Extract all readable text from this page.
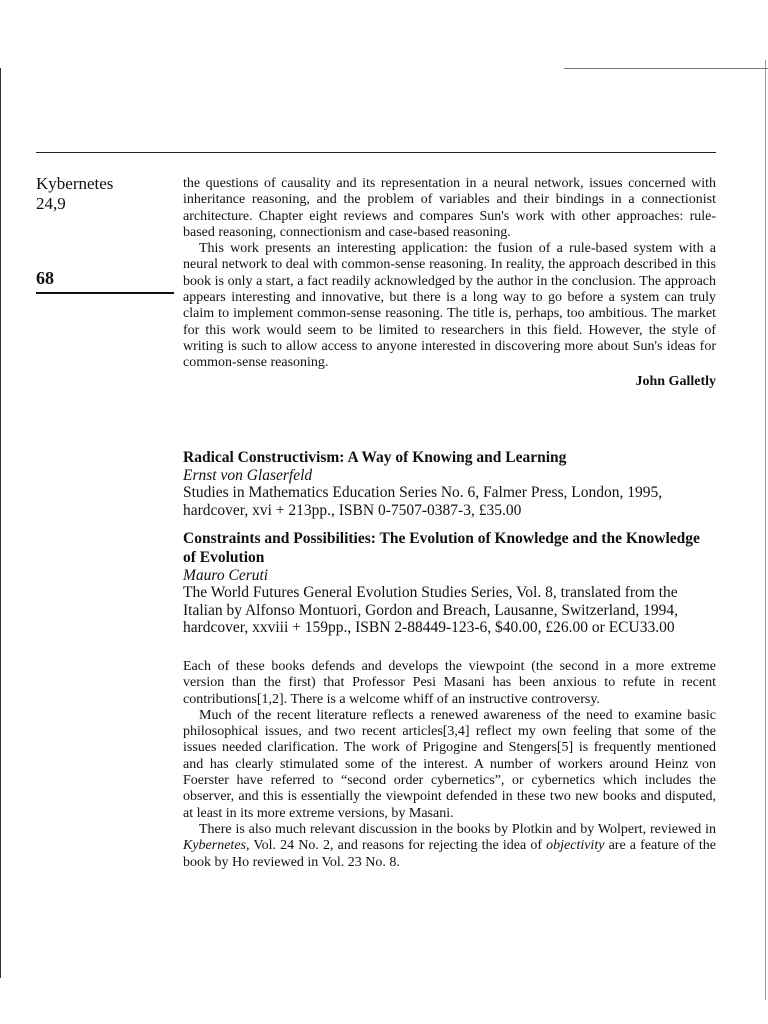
Kybernetes
24,9
68

the questions of causality and its representation in a neural network, issues concerned with inheritance reasoning, and the problem of variables and their bindings in a connectionist architecture. Chapter eight reviews and compares Sun's work with other approaches: rule-based reasoning, connectionism and case-based reasoning.

This work presents an interesting application: the fusion of a rule-based system with a neural network to deal with common-sense reasoning. In reality, the approach described in this book is only a start, a fact readily acknowledged by the author in the conclusion. The approach appears interesting and innovative, but there is a long way to go before a system can truly claim to implement common-sense reasoning. The title is, perhaps, too ambitious. The market for this work would seem to be limited to researchers in this field. However, the style of writing is such to allow access to anyone interested in discovering more about Sun's ideas for common-sense reasoning.

John Galletly

Radical Constructivism: A Way of Knowing and Learning

Ernst von Glaserfeld

Studies in Mathematics Education Series No. 6, Falmer Press, London, 1995, hardcover, xvi + 213pp., ISBN 0-7507-0387-3, £35.00

Constraints and Possibilities: The Evolution of Knowledge and the Knowledge of Evolution

Mauro Ceruti

The World Futures General Evolution Studies Series, Vol. 8, translated from the Italian by Alfonso Montuori, Gordon and Breach, Lausanne, Switzerland, 1994, hardcover, xxviii + 159pp., ISBN 2-88449-123-6, $40.00, £26.00 or ECU33.00

Each of these books defends and develops the viewpoint (the second in a more extreme version than the first) that Professor Pesi Masani has been anxious to refute in recent contributions[1,2]. There is a welcome whiff of an instructive controversy.

Much of the recent literature reflects a renewed awareness of the need to examine basic philosophical issues, and two recent articles[3,4] reflect my own feeling that some of the issues needed clarification. The work of Prigogine and Stengers[5] is frequently mentioned and has clearly stimulated some of the interest. A number of workers around Heinz von Foerster have referred to “second order cybernetics”, or cybernetics which includes the observer, and this is essentially the viewpoint defended in these two new books and disputed, at least in its more extreme versions, by Masani.

There is also much relevant discussion in the books by Plotkin and by Wolpert, reviewed in Kybernetes, Vol. 24 No. 2, and reasons for rejecting the idea of objectivity are a feature of the book by Ho reviewed in Vol. 23 No. 8.
